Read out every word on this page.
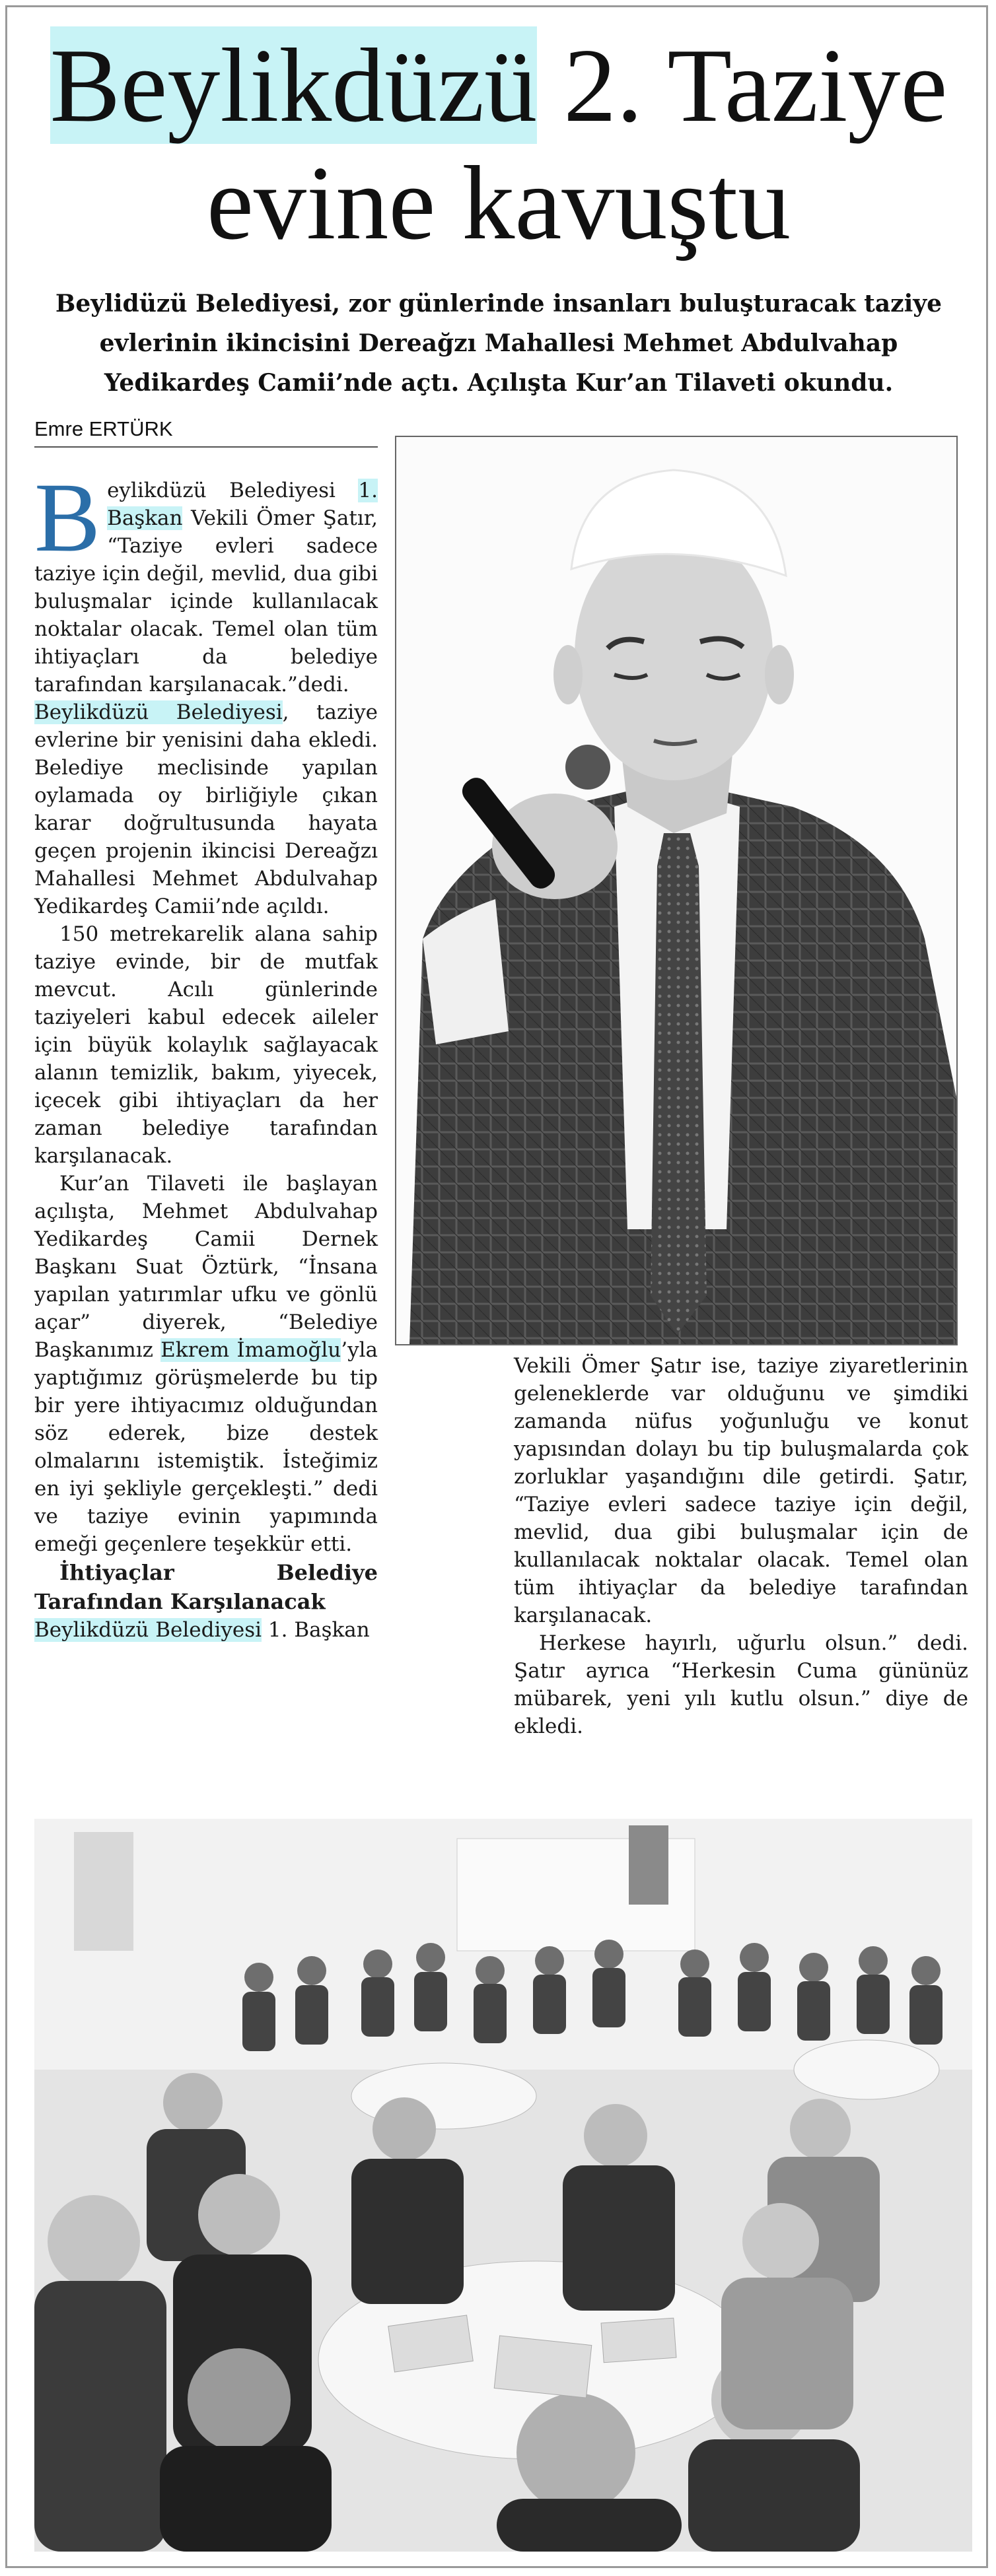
Beylikdüzü 2. Taziye
evine kavuştu
Beylidüzü Belediyesi, zor günlerinde insanları buluşturacak taziye evlerinin ikincisini Dereağzı Mahallesi Mehmet Abdulvahap Yedikardeş Camii’nde açtı. Açılışta Kur’an Tilaveti okundu.
Emre ERTÜRK

Beylikdüzü Belediyesi 1. Başkan Vekili Ömer Şatır, “Taziye evleri sadece taziye için değil, mevlid, dua gibi buluşmalar içinde kullanılacak noktalar olacak. Temel olan tüm ihtiyaçları da belediye tarafından karşılanacak.”dedi.

Beylikdüzü Belediyesi, taziye evlerine bir yenisini daha ekledi. Belediye meclisinde yapılan oylamada oy birliğiyle çıkan karar doğrultusunda hayata geçen projenin ikincisi Dereağzı Mahallesi Mehmet Abdulvahap Yedikardeş Camii’nde açıldı.

150 metrekarelik alana sahip taziye evinde, bir de mutfak mevcut. Acılı günlerinde taziyeleri kabul edecek aileler için büyük kolaylık sağlayacak alanın temizlik, bakım, yiyecek, içecek gibi ihtiyaçları da her zaman belediye tarafından karşılanacak.

Kur’an Tilaveti ile başlayan açılışta, Mehmet Abdulvahap Yedikardeş Camii Dernek Başkanı Suat Öztürk, “İnsana yapılan yatırımlar ufku ve gönlü açar” diyerek, “Belediye Başkanımız Ekrem İmamoğlu’yla yaptığımız görüşmelerde bu tip bir yere ihtiyacımız olduğundan söz ederek, bize destek olmalarını istemiştik. İsteğimiz en iyi şekliyle gerçekleşti.” dedi ve taziye evinin yapımında emeği geçenlere teşekkür etti.

İhtiyaçlar Belediye Tarafından Karşılanacak

Beylikdüzü Belediyesi 1. Başkan

Vekili Ömer Şatır ise, taziye ziyaretlerinin geleneklerde var olduğunu ve şimdiki zamanda nüfus yoğunluğu ve konut yapısından dolayı bu tip buluşmalarda çok zorluklar yaşandığını dile getirdi. Şatır, “Taziye evleri sadece taziye için değil, mevlid, dua gibi buluşmalar için de kullanılacak noktalar olacak. Temel olan tüm ihtiyaçlar da belediye tarafından karşılanacak.

Herkese hayırlı, uğurlu olsun.” dedi. Şatır ayrıca “Herkesin Cuma gününüz mübarek, yeni yılı kutlu olsun.” diye de ekledi.
